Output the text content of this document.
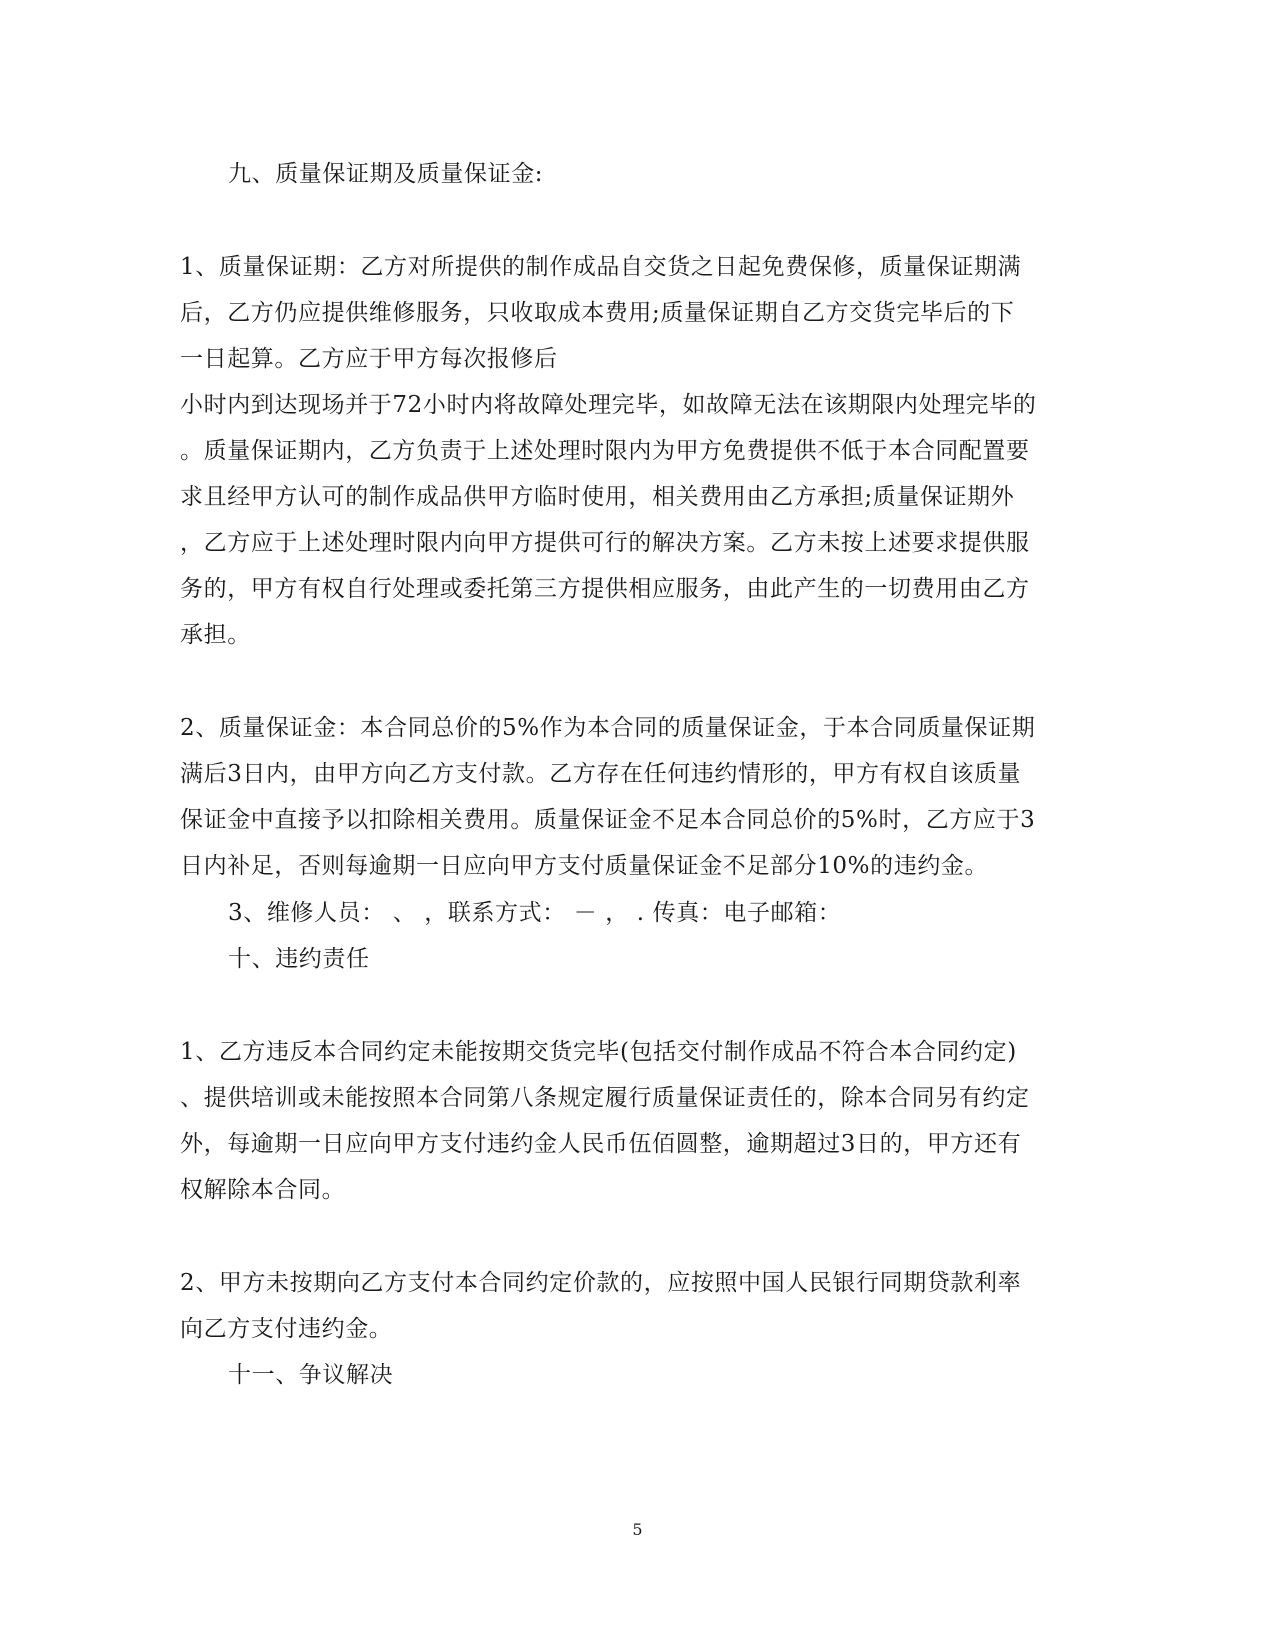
九、质量保证期及质量保证金:
1、质量保证期：乙方对所提供的制作成品自交货之日起免费保修，质量保证期满
后，乙方仍应提供维修服务，只收取成本费用;质量保证期自乙方交货完毕后的下
一日起算。乙方应于甲方每次报修后
小时内到达现场并于72小时内将故障处理完毕，如故障无法在该期限内处理完毕的
。质量保证期内，乙方负责于上述处理时限内为甲方免费提供不低于本合同配置要
求且经甲方认可的制作成品供甲方临时使用，相关费用由乙方承担;质量保证期外
，乙方应于上述处理时限内向甲方提供可行的解决方案。乙方未按上述要求提供服
务的，甲方有权自行处理或委托第三方提供相应服务，由此产生的一切费用由乙方
承担。
2、质量保证金：本合同总价的5%作为本合同的质量保证金，于本合同质量保证期
满后3日内，由甲方向乙方支付款。乙方存在任何违约情形的，甲方有权自该质量
保证金中直接予以扣除相关费用。质量保证金不足本合同总价的5%时，乙方应于3
日内补足，否则每逾期一日应向甲方支付质量保证金不足部分10%的违约金。
3、维修人员： 、 ，联系方式： － ， . 传真：电子邮箱：
十、违约责任
1、乙方违反本合同约定未能按期交货完毕(包括交付制作成品不符合本合同约定)
、提供培训或未能按照本合同第八条规定履行质量保证责任的，除本合同另有约定
外，每逾期一日应向甲方支付违约金人民币伍佰圆整，逾期超过3日的，甲方还有
权解除本合同。
2、甲方未按期向乙方支付本合同约定价款的，应按照中国人民银行同期贷款利率
向乙方支付违约金。
十一、争议解决
5
